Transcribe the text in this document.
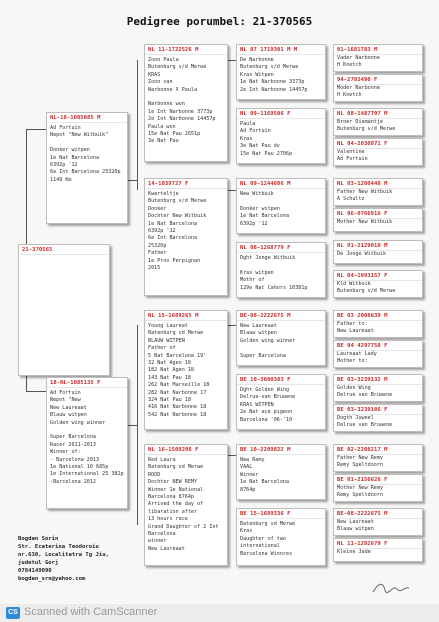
Pedigree porumbel: 21-370565
21-370565
NL-18-1085085 M
Ad Fortuin
Nepot "New Witbuik"

Donker witpen
1e Nat Barcelona
6392p '12
6e Int Barcelona 25320p
1149 Km
18-NL-1085135 F
Ad Fortuin
Nepot "New
New Laureaat
Blauw witpen
Golden wing winner

Super Barcelona
Racer 2011-2013
Winner of:
- Barcelona 2013
1e National 10 685p
1e International 25 382p
-Barcelona 2012
NL 11-1722526 M
Zoon Paula
Butenburg v/d Merwe
KRAS
Zoon van
Narbonne X Paula

Narbonne won
1e Int Narbonne 3773p
2e Int Narbonne 14457p
Paula won
15e Nat Pau 2651p
3e Nat Pau
14-1039727 F
Kwarteltje
Butenburg v/d Merwe
Donker
Dochter New Witbuik
1e Nat Barcelona
6392p '12
6e Int Barcelona
25320p
Father
1e Prov Perpignan
2015
NL 15-1689265 M
Young Laureat
Batenburg vd Merwe
BLAUW WITPEN
Father of
5 Nat Barcelona 19'
32 Nat Agen 18
182 Nat Agen 18
143 Nat Pau 18
262 Nat Marseille 18
282 Nat Narbonne 17
324 Nat Pau 18
416 Nat Narbonne 18
542 Nat Narbonne 18
NL 16-1509208 F
Red Laura
Batenburg vd Merwe
ROOD
Dochter NEW REMY
Winner 1e National
Barcelona 8764p
Arrived the day of
libaration after
13 hours race
Grand Daughter of 2 Int
Barcelona
winner
New Laureaat
NL 07 1719301 M M
De Narbonne
Butenburg v/d Merwe
Kras Witpen
1e Nat Narbonne 3373p
2e Int Narbonne 14457p
NL 09-1169506 F
Paula
Ad Fortuin
Kras
3e Nat Pau dv
15e Nat Pau 2706p
NL 09-1244606 M
New Witbuik

Donker witpen
1e Nat Barcelona
6392p '12
NL 08-1268779 F
Dght Jonge Witbuik

Kras witpen
Mothr of
129e Nat Cahors 10381p
BE-08-2222675 M
New Laureaat
Blauw witpen
Golden wing winner

Super Barcelona
BE 10-3080383 F
Dght Golden Wing
Delrue-van Bruaene
KRAS WITPEN
2e Nat ace pigeon
Barcelona '06-'10
BE 10-2209822 M
New Remy
VAAL
Winner
1e Nat Barcelona
8764p
BE 15-1689336 F
Batenburg vd Merwe
Kras
Daughter of two
international
Barcelona Winnres
01-1681783 M
Vader Narbonne
H Knetch
94-2783490 F
Moder Narbonne
H Knetch
NL 08-1487707 M
Broer Diamantje
Butenburg v/d Merwe
NL 04-2030871 F
Valentine
Ad Fortuin
NL 03-1200448 M
Father New Witbuik
A Schultz
NL 06-0766916 F
Mother New Witbuik
NL 91-2129010 M
De Jonge Witbuik
NL 04-1993157 F
Kld Witbuik
Butenburg v/d Merwe
BE 03 2008639 M
Father to:
New Laureaat
BE 04 4297750 F
Laureaat Lady
Mother to:
BE 03-3239132 M
Golden Wing
Delrue van Bruaene
BE 03-3239186 F
Dogth Juweel
Delrue van Bruaene
BE 02-2208217 M
Father New Remy
Remy Speltdoorn
BE 01-2156626 F
Mother New Remy
Remy Speltdoorn
BE-08-2222675 M
New Laureaat
Blauw witpen
NL 11-1292679 F
Kleine Jade
Bogdan Sorin
Str. Ecaterina Teodoroiu
nr.630, Localitatra Tg Jiu,
judetul Gorj
0784149090
bogdan_srn@yahoo.com
CS Scanned with CamScanner
